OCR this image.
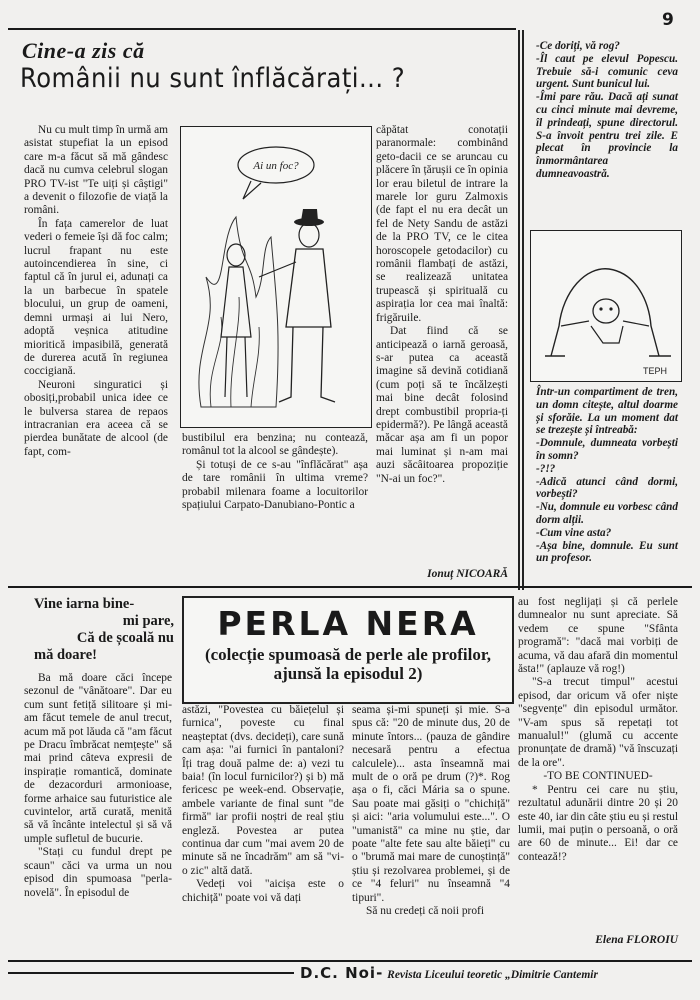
9
Cine-a zis că
Românii nu sunt înflăcărați... ?

Nu cu mult timp în urmă am asistat stupefiat la un episod care m-a făcut să mă gândesc dacă nu cumva celebrul slogan PRO TV-ist "Te uiți și câștigi" a devenit o filozofie de viață la români.

În fața camerelor de luat vederi o femeie își dă foc calm; lucrul frapant nu este autoincendierea în sine, ci faptul că în jurul ei, adunați ca la un barbecue în spatele blocului, un grup de oameni, demni urmași ai lui Nero, adoptă veșnica atitudine mioritică impasibilă, generată de durerea acută în regiunea coccigiană.

Neuroni singuratici și obosiți,probabil unica idee ce le bulversa starea de repaos intracranian era aceea că se pierdea bunătate de alcool (de fapt, com-

Ai un foc?

bustibilul era benzina; nu contează, românul tot la alcool se gândește).

Și totuși de ce s-au "înflăcărat" așa de tare românii în ultima vreme? probabil milenara foame a locuitorilor spațiului Carpato-Danubiano-Pontic a

căpătat conotații paranormale: combinând geto-dacii ce se aruncau cu plăcere în țărușii ce în opinia lor erau biletul de intrare la marele lor guru Zalmoxis (de fapt el nu era decât un fel de Nety Sandu de astăzi de la PRO TV, ce le citea horoscopele getodacilor) cu românii flambați de astăzi, se realizează unitatea trupească și spirituală cu aspirația lor cea mai înaltă: frigăruile.

Dat fiind că se anticipează o iarnă geroasă, s-ar putea ca această imagine să devină cotidiană (cum poți să te încălzești mai bine decât folosind drept combustibil propria-ți epidermă?). Pe lângă această măcar așa am fi un popor mai luminat și n-am mai auzi săcâitoarea propoziție "N-ai un foc?".

Ionuț NICOARĂ

-Ce doriți, vă rog?

-Îl caut pe elevul Popescu. Trebuie să-i comunic ceva urgent. Sunt bunicul lui.

-Îmi pare rău. Dacă ați sunat cu cinci minute mai devreme, îl prindeați, spune directorul. S-a învoit pentru trei zile. E plecat în provincie la înmormântarea dumneavoastră.

TEPH

Într-un compartiment de tren, un domn citește, altul doarme și sforăie. La un moment dat se trezește și întreabă:

-Domnule, dumneata vorbești în somn?

-?!?

-Adică atunci când dormi, vorbești?

-Nu, domnule eu vorbesc când dorm alții.

-Cum vine asta?

-Așa bine, domnule. Eu sunt un profesor.

Vine iarna bine-
mi pare,
Că de școală nu
mă doare!

Ba mă doare căci începe sezonul de "vânătoare". Dar eu cum sunt fetiță silitoare și mi-am făcut temele de anul trecut, acum mă pot lăuda că "am făcut pe Dracu îmbrăcat nemțește" să mai prind câteva expresii de inspirație romantică, dominate de dezacorduri armonioase, forme arhaice sau futuristice ale cuvintelor, artă curată, menită să vă încânte intelectul și să vă umple sufletul de bucurie.

"Stați cu fundul drept pe scaun" căci va urma un nou episod din spumoasa "perla-novelă". În episodul de

PERLA NERA
(colecție spumoasă de perle ale profilor, ajunsă la episodul 2)

astăzi, "Povestea cu băiețelul și furnica", poveste cu final neașteptat (dvs. decideți), care sună cam așa: "ai furnici în pantaloni? Îți trag două palme de: a) vezi tu baia! (în locul furnicilor?) și b) mă fericesc pe week-end. Observație, ambele variante de final sunt "de firmă" iar profii noștri de real știu engleză. Povestea ar putea continua dar cum "mai avem 20 de minute să ne încadrăm" am să "vi-o zic" altă dată.

Vedeți voi "aicișa este o chichiță" poate voi vă dați

seama și-mi spuneți și mie. S-a spus că: "20 de minute dus, 20 de minute întors... (pauza de gândire necesară pentru a efectua calculele)... asta înseamnă mai mult de o oră pe drum (?)*. Rog așa o fi, căci Mária sa o spune. Sau poate mai găsiți o "chichiță" și aici: "aria volumului este...". O "umanistă" ca mine nu știe, dar poate "alte fete sau alte băieți" cu o "brumă mai mare de cunoștință" știu și rezolvarea problemei, și de ce "4 feluri" nu înseamnă "4 tipuri".

Să nu credeți că noii profi

au fost neglijați și că perlele dumnealor nu sunt apreciate. Să vedem ce spune "Sfânta programă": "dacă mai vorbiți de acuma, vă dau afară din momentul ăsta!" (aplauze vă rog!)

"S-a trecut timpul" acestui episod, dar oricum vă ofer niște "segvențe" din episodul următor. "V-am spus să repetați tot manualul!" (glumă cu accente pronunțate de dramă) "vă înscuzați de la ore".

-TO BE CONTINUED-

* Pentru cei care nu știu, rezultatul adunării dintre 20 și 20 este 40, iar din câte știu eu și restul lumii, mai puțin o persoană, o oră are 60 de minute... Ei! dar ce contează!?

Elena FLOROIU
D.C. Noi- Revista Liceului teoretic „Dimitrie Cantemir
